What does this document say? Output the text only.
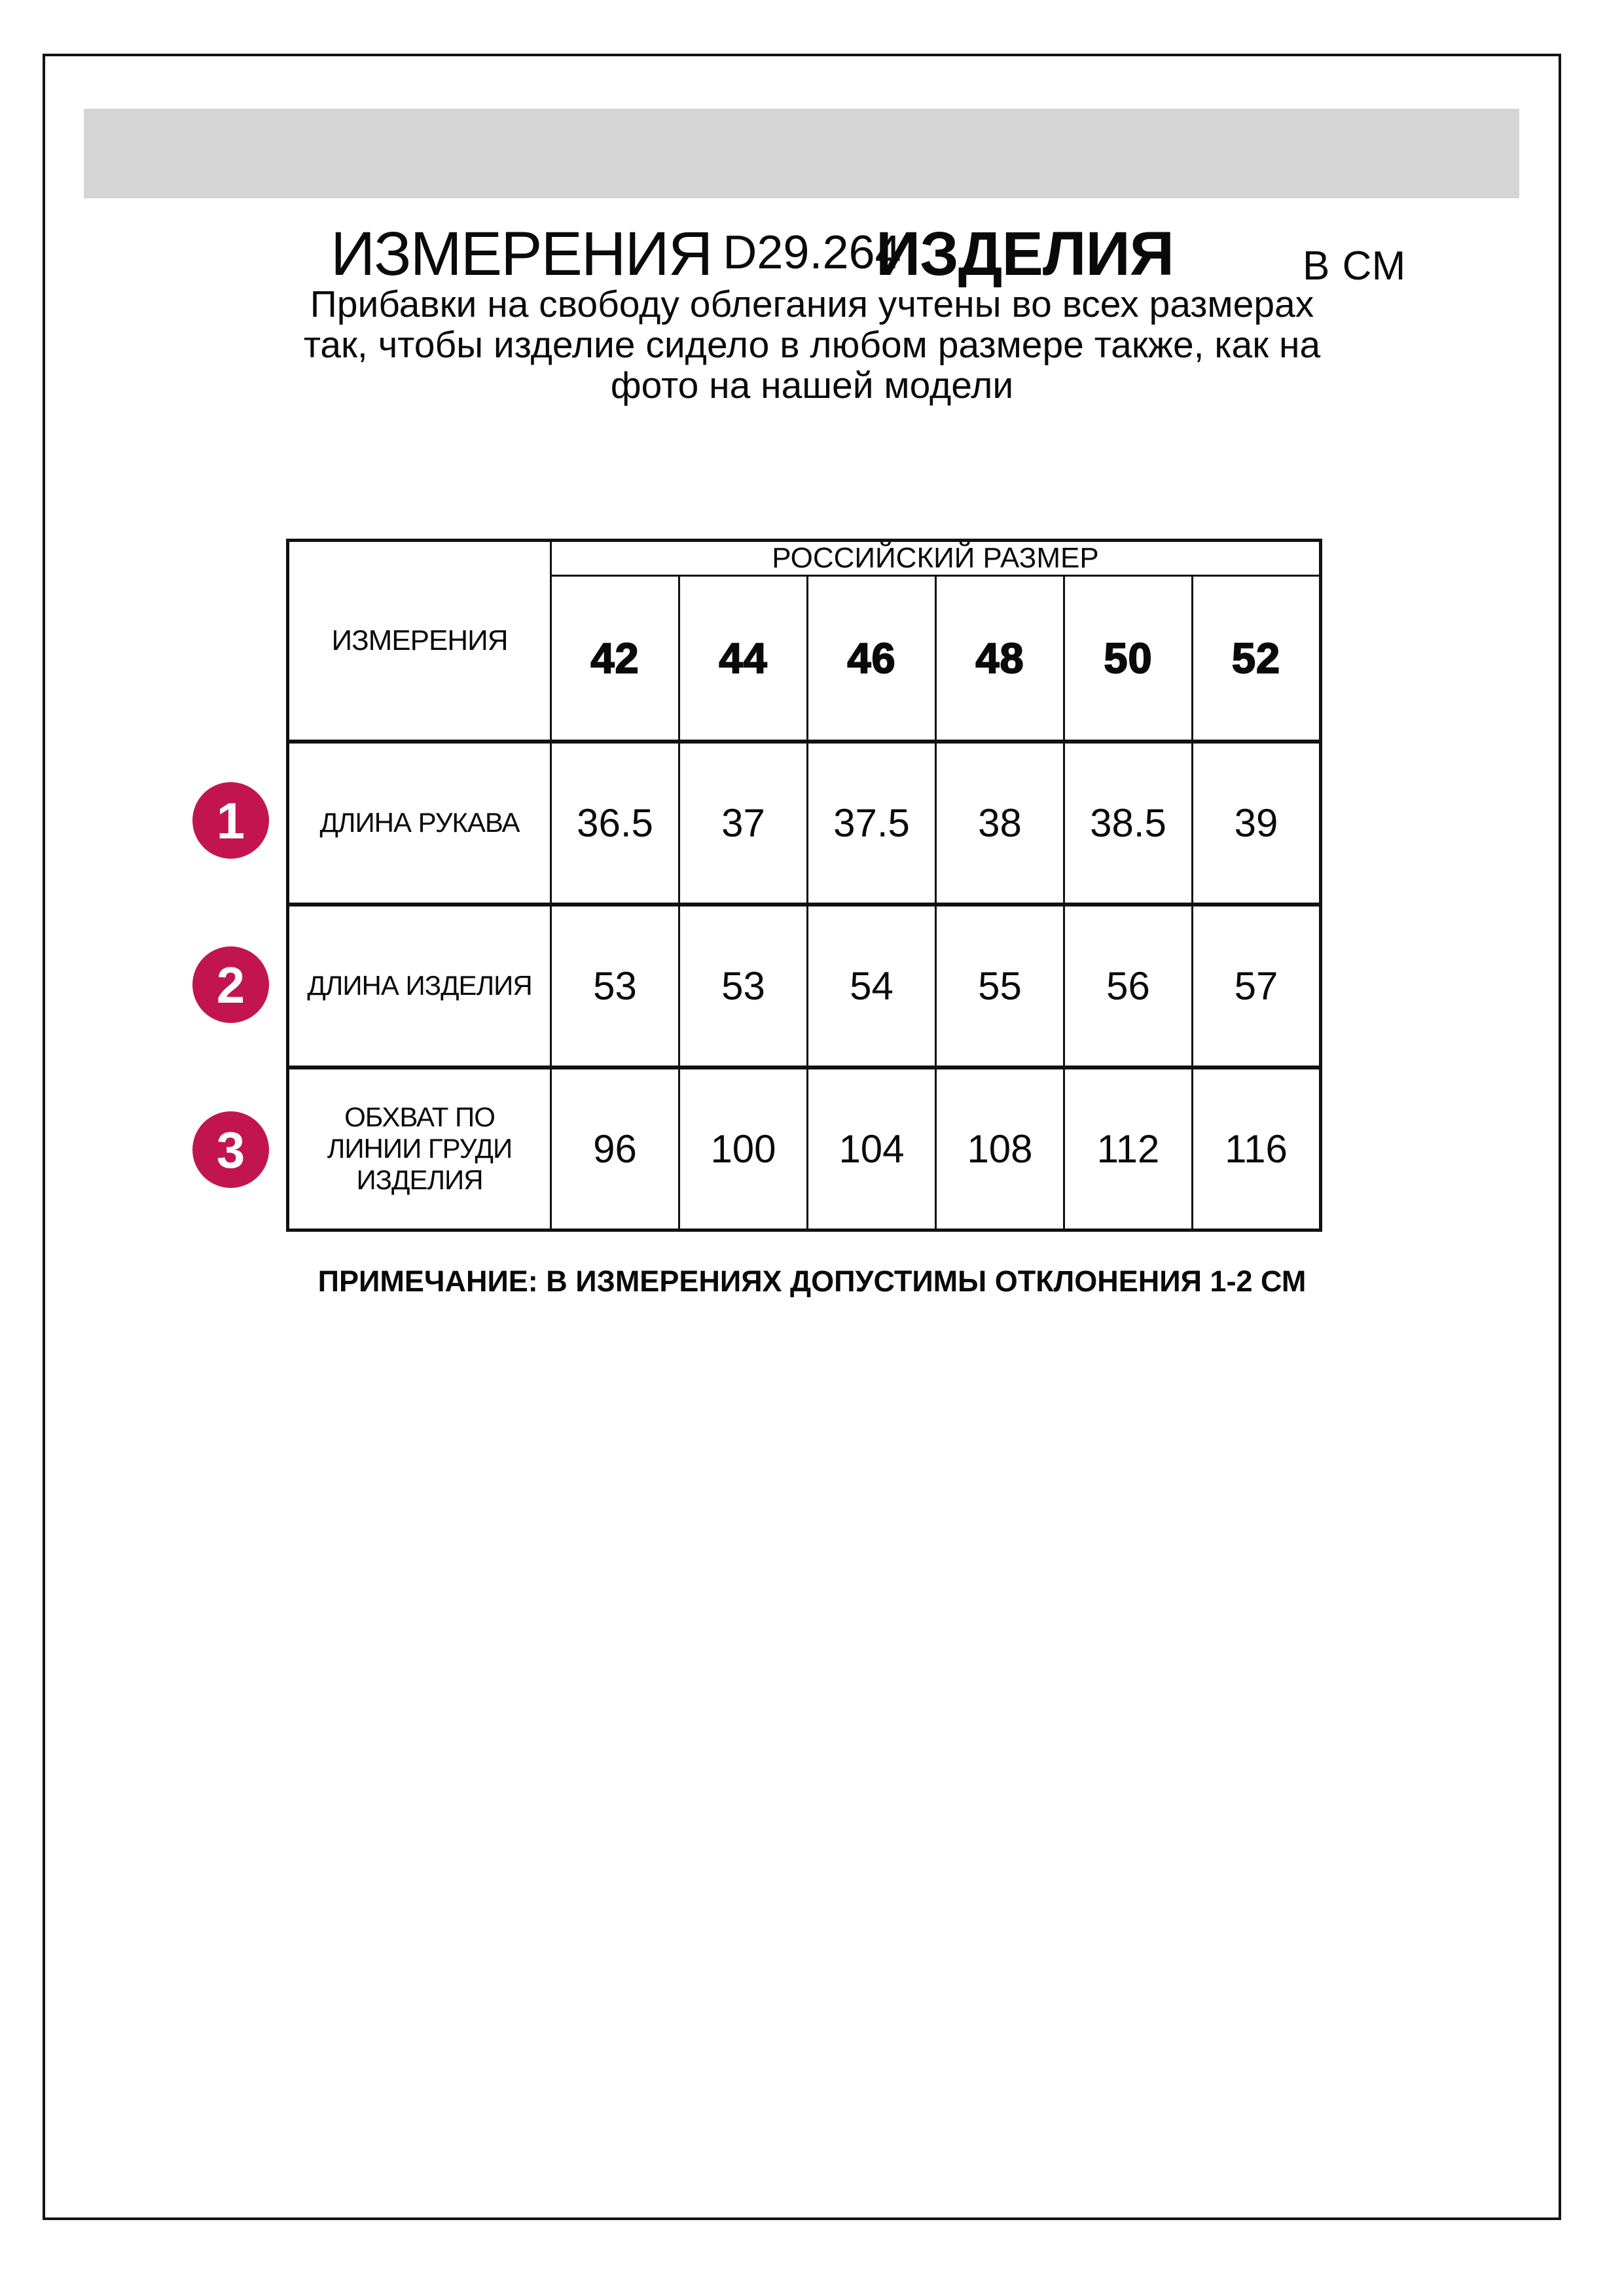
ИЗМЕРЕНИЯ	ИЗДЕЛИЯ	В СМ
D29.264
Прибавки на свободу облегания учтены во всех размерах
так, чтобы изделие сидело в любом размере также, как на
фото на нашей модели
ИЗМЕРЕНИЯ	РОССИЙСКИЙ РАЗМЕР					
	42	44	46	48	50	52
ДЛИНА РУКАВА	36.5	37	37.5	38	38.5	39
ДЛИНА ИЗДЕЛИЯ	53	53	54	55	56	57
ОБХВАТ ПО ЛИНИИ ГРУДИ ИЗДЕЛИЯ	96	100	104	108	112	116
1
2
3
ПРИМЕЧАНИЕ: В ИЗМЕРЕНИЯХ ДОПУСТИМЫ ОТКЛОНЕНИЯ 1-2 СМ
